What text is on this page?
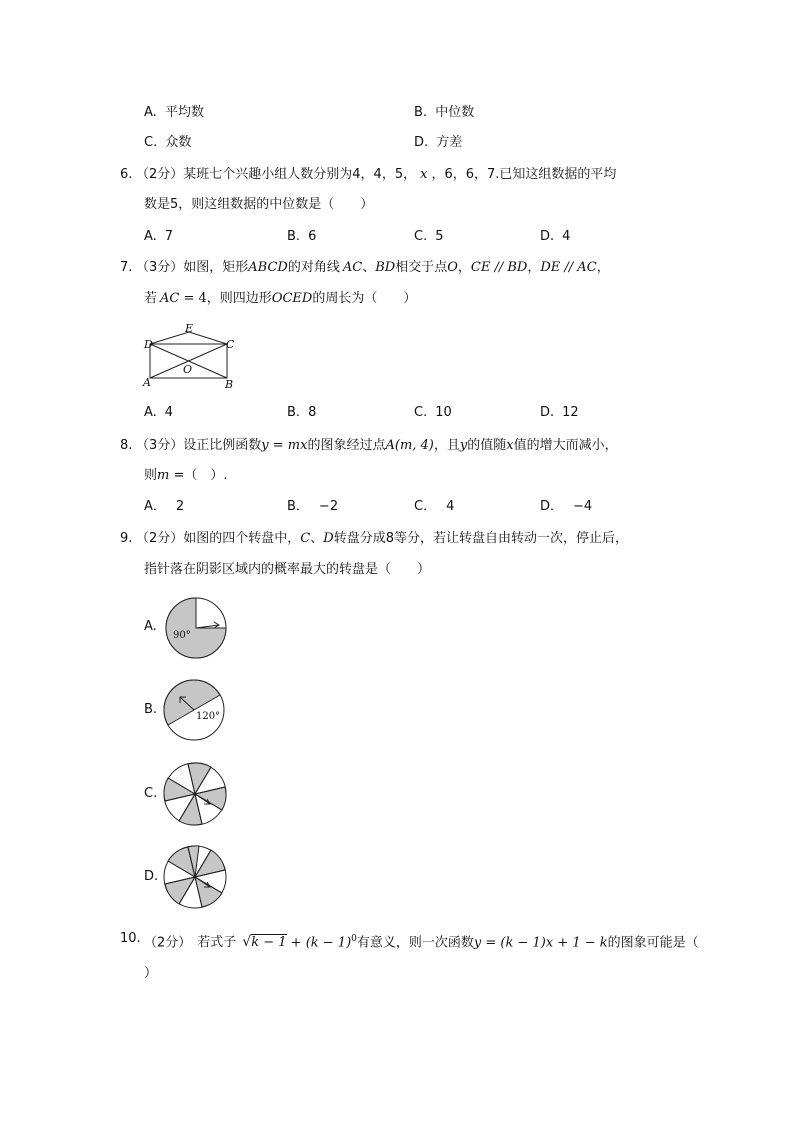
A. 平均数	B. 中位数
C. 众数	D. 方差
6. （2分）某班七个兴趣小组人数分别为4，4，5， x ，6，6，7.已知这组数据的平均
数是5，则这组数据的中位数是（　　）
A. 7	B. 6	C. 5	D. 4
7. （3分）如图，矩形ABCD的对角线 AC、BD相交于点O，CE // BD，DE // AC，
若 AC = 4，则四边形OCED的周长为（　　）
E
D	C
O
A	B
A. 4	B. 8	C. 10	D. 12
8. （3分）设正比例函数y = mx的图象经过点A(m, 4)，且y的值随x值的增大而减小，
则m =（　）.
A． 2	B． −2	C． 4	D． −4
9. （2分）如图的四个转盘中，C、D转盘分成8等分，若让转盘自由转动一次，停止后，
指针落在阴影区域内的概率最大的转盘是（　　）
A.
90°
B.	120°
C.
D.
10. （2分） 若式子 $√k - 1 + (k - 1)^0$有意义，则一次函数y = (k − 1)x + 1 − k的图象可能是（
）
